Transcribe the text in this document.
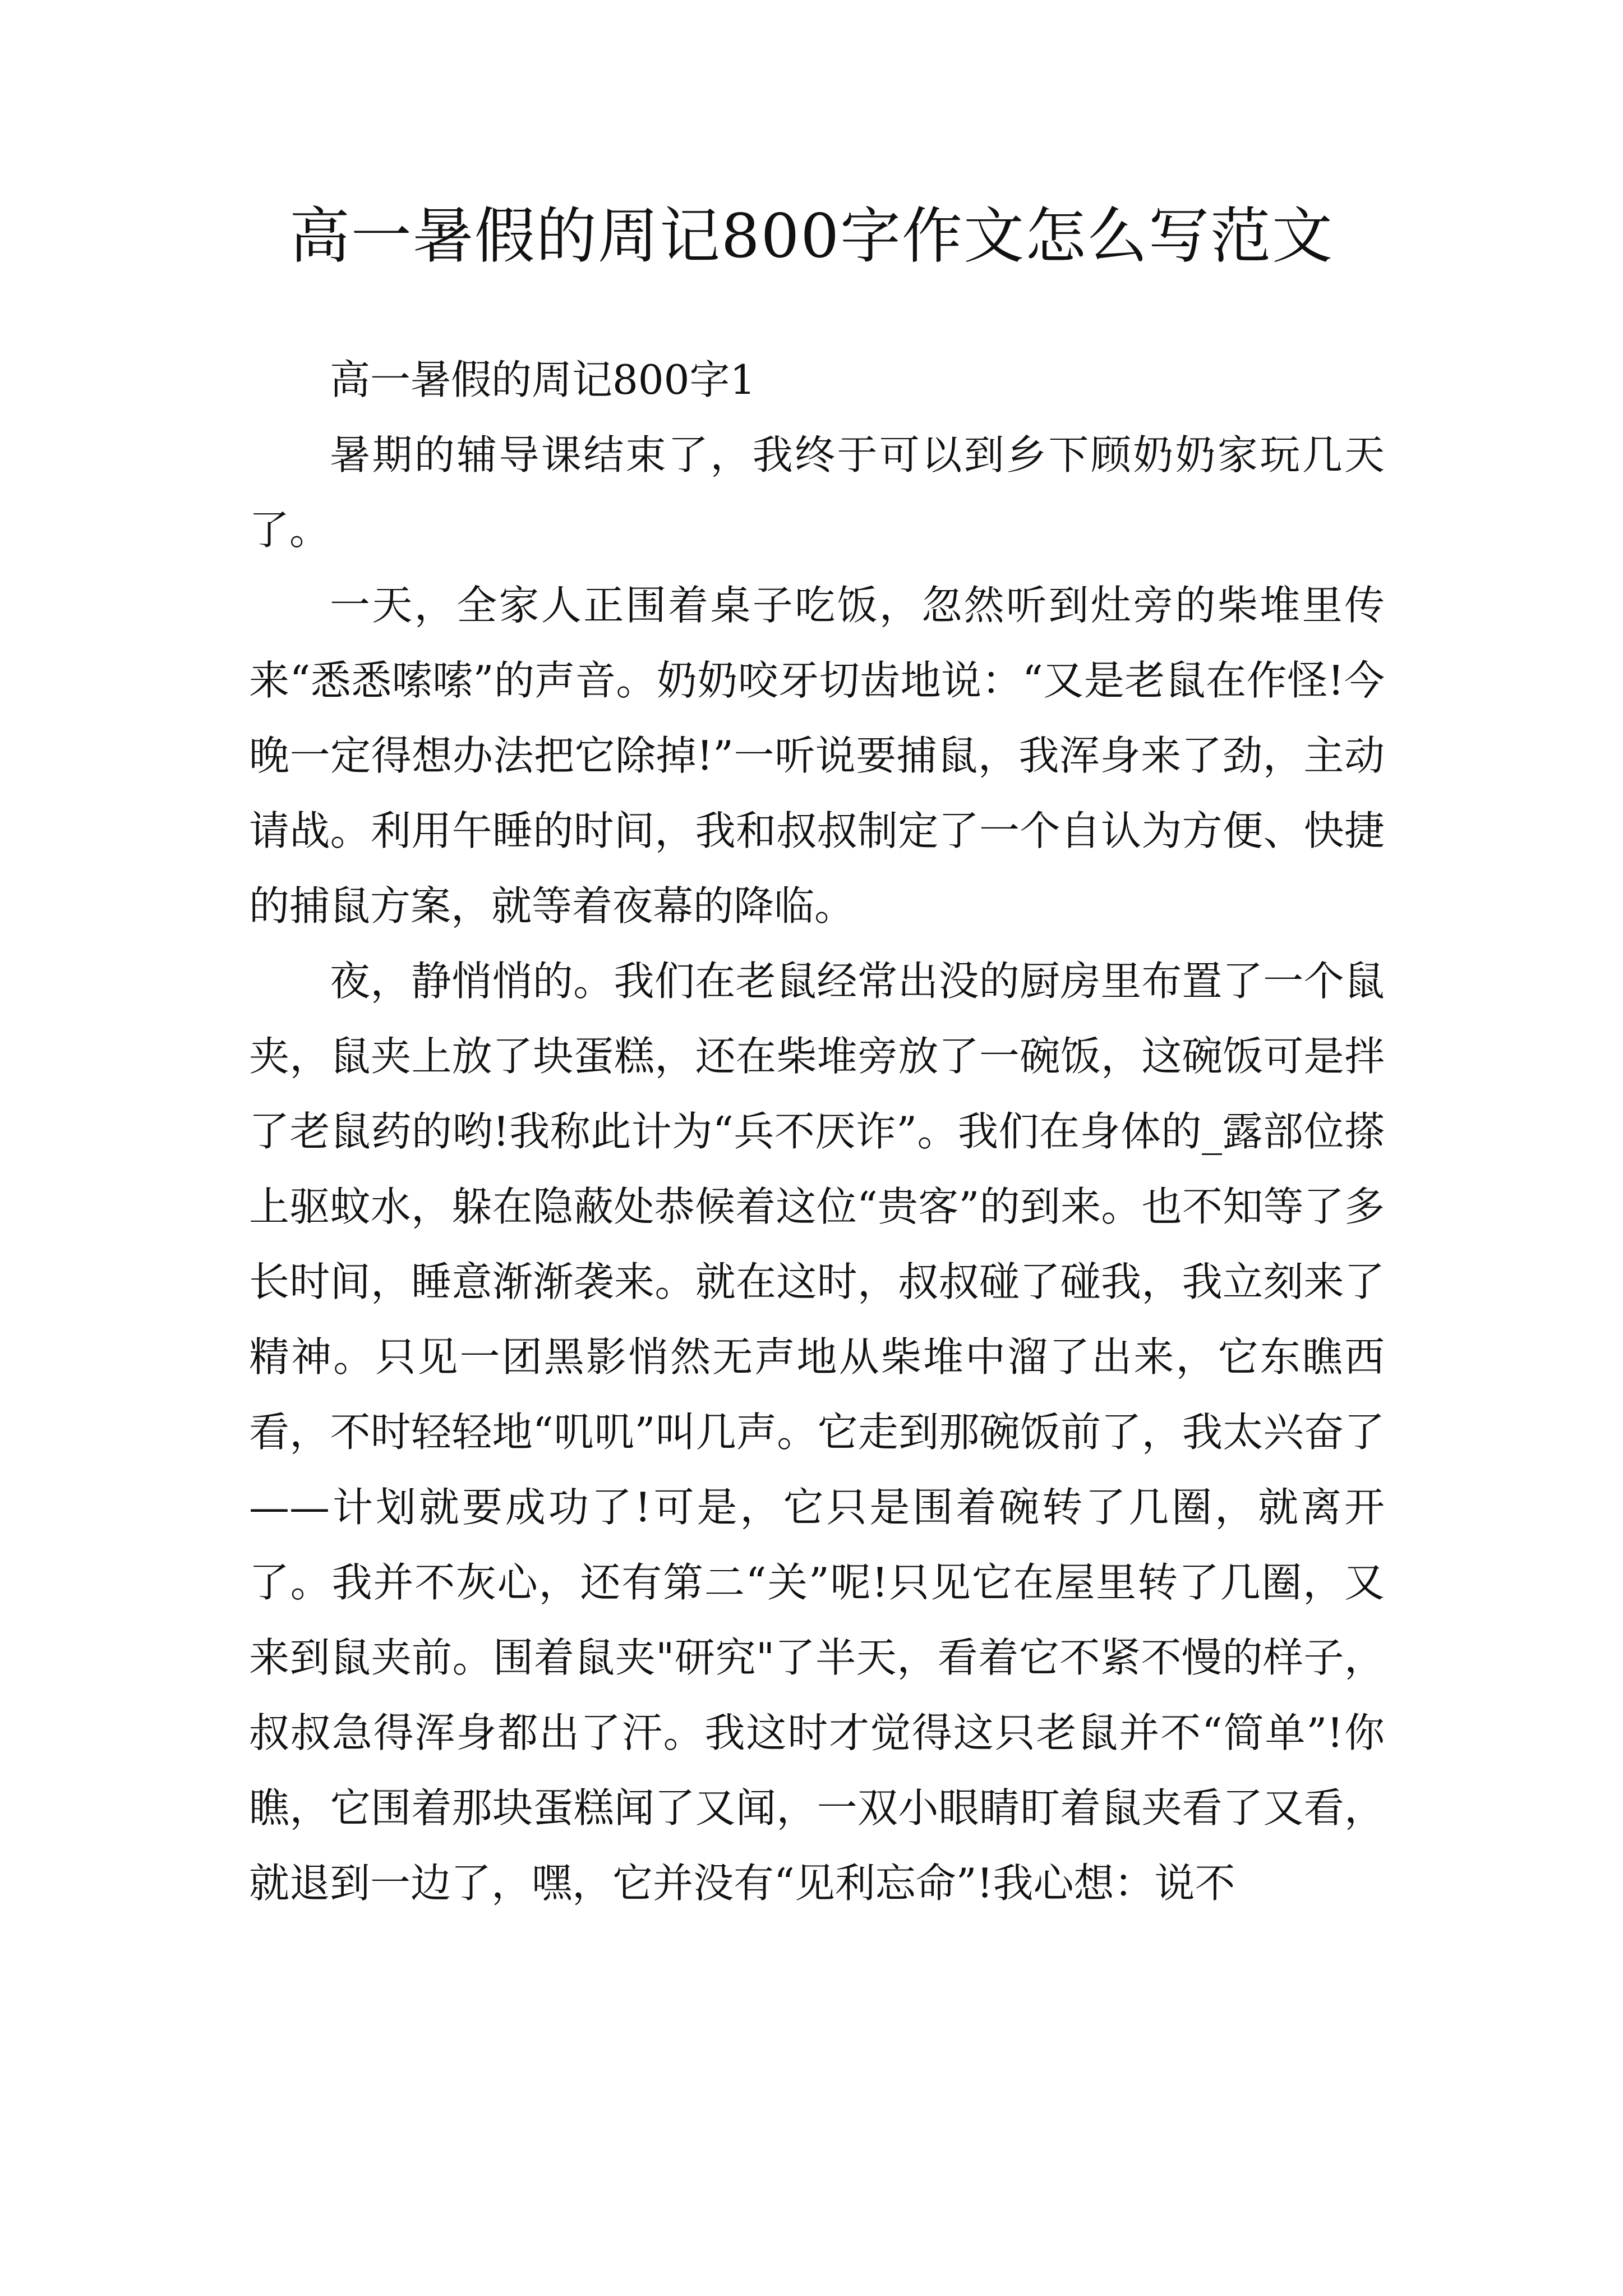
高一暑假的周记800字作文怎么写范文

高一暑假的周记800字1

暑期的辅导课结束了，我终于可以到乡下顾奶奶家玩几天了。

一天，全家人正围着桌子吃饭，忽然听到灶旁的柴堆里传来“悉悉嗦嗦”的声音。奶奶咬牙切齿地说：“又是老鼠在作怪!今晚一定得想办法把它除掉!”一听说要捕鼠，我浑身来了劲，主动请战。利用午睡的时间，我和叔叔制定了一个自认为方便、快捷的捕鼠方案，就等着夜幕的降临。

夜，静悄悄的。我们在老鼠经常出没的厨房里布置了一个鼠夹，鼠夹上放了块蛋糕，还在柴堆旁放了一碗饭，这碗饭可是拌了老鼠药的哟!我称此计为“兵不厌诈”。我们在身体的_露部位搽上驱蚊水，躲在隐蔽处恭候着这位“贵客”的到来。也不知等了多长时间，睡意渐渐袭来。就在这时，叔叔碰了碰我，我立刻来了精神。只见一团黑影悄然无声地从柴堆中溜了出来，它东瞧西看，不时轻轻地“叽叽”叫几声。它走到那碗饭前了，我太兴奋了——计划就要成功了!可是，它只是围着碗转了几圈，就离开了。我并不灰心，还有第二“关”呢!只见它在屋里转了几圈，又来到鼠夹前。围着鼠夹"研究"了半天，看着它不紧不慢的样子，叔叔急得浑身都出了汗。我这时才觉得这只老鼠并不“简单”!你瞧，它围着那块蛋糕闻了又闻，一双小眼睛盯着鼠夹看了又看，就退到一边了，嘿，它并没有“见利忘命”!我心想：说不
